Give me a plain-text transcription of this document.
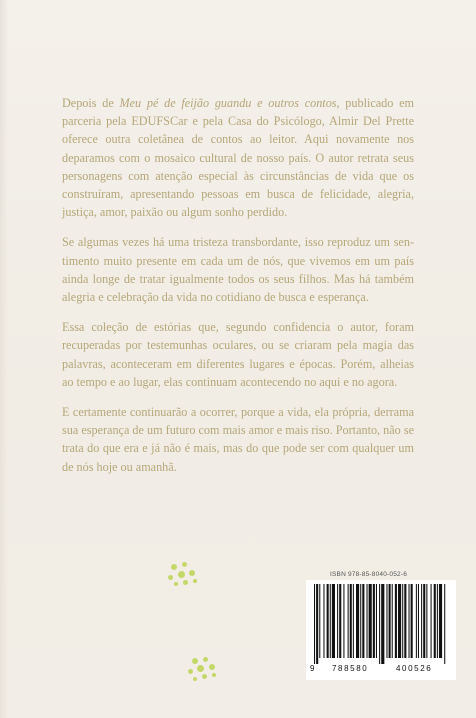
Depois de Meu pé de feijão guandu e outros contos, publicado em parceria pela EDUFSCar e pela Casa do Psicólogo, Almir Del Prette oferece outra coletânea de contos ao leitor. Aqui novamente nos deparamos com o mosaico cultural de nosso país. O autor retrata seus personagens com atenção especial às circunstâncias de vida que os construíram, apresentando pessoas em busca de felicidade, alegria, justiça, amor, paixão ou algum sonho perdido.

Se algumas vezes há uma tristeza transbordante, isso reproduz um sentimento muito presente em cada um de nós, que vivemos em um país ainda longe de tratar igualmente todos os seus filhos. Mas há também alegria e celebração da vida no cotidiano de busca e esperança.

Essa coleção de estórias que, segundo confidencia o autor, foram recuperadas por testemunhas oculares, ou se criaram pela magia das palavras, aconteceram em diferentes lugares e épocas. Porém, alheias ao tempo e ao lugar, elas continuam acontecendo no aqui e no agora.

E certamente continuarão a ocorrer, porque a vida, ela própria, derrama sua esperança de um futuro com mais amor e mais riso. Portanto, não se trata do que era e já não é mais, mas do que pode ser com qualquer um de nós hoje ou amanhã.

ISBN 978-85-8040-052-6
9 788580	400526
